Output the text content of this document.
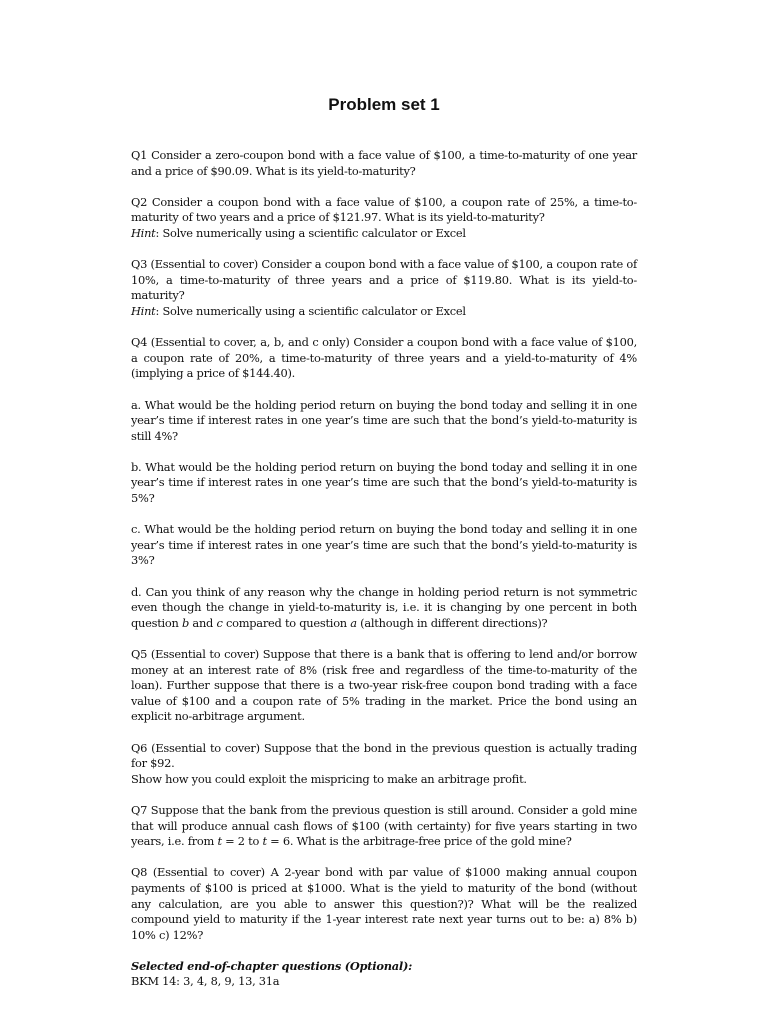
Problem set 1

Q1 Consider a zero-coupon bond with a face value of $100, a time-to-maturity of one year and a price of $90.09. What is its yield-to-maturity?

Q2 Consider a coupon bond with a face value of $100, a coupon rate of 25%, a time-to-maturity of two years and a price of $121.97. What is its yield-to-maturity?
Hint: Solve numerically using a scientific calculator or Excel

Q3 (Essential to cover) Consider a coupon bond with a face value of $100, a coupon rate of 10%, a time-to-maturity of three years and a price of $119.80. What is its yield-to-maturity?
Hint: Solve numerically using a scientific calculator or Excel

Q4 (Essential to cover, a, b, and c only) Consider a coupon bond with a face value of $100, a coupon rate of 20%, a time-to-maturity of three years and a yield-to-maturity of 4% (implying a price of $144.40).

a. What would be the holding period return on buying the bond today and selling it in one year’s time if interest rates in one year’s time are such that the bond’s yield-to-maturity is still 4%?

b. What would be the holding period return on buying the bond today and selling it in one year’s time if interest rates in one year’s time are such that the bond’s yield-to-maturity is 5%?

c. What would be the holding period return on buying the bond today and selling it in one year’s time if interest rates in one year’s time are such that the bond’s yield-to-maturity is 3%?

d. Can you think of any reason why the change in holding period return is not symmetric even though the change in yield-to-maturity is, i.e. it is changing by one percent in both question b and c compared to question a (although in different directions)?

Q5 (Essential to cover) Suppose that there is a bank that is offering to lend and/or borrow money at an interest rate of 8% (risk free and regardless of the time-to-maturity of the loan). Further suppose that there is a two-year risk-free coupon bond trading with a face value of $100 and a coupon rate of 5% trading in the market. Price the bond using an explicit no-arbitrage argument.

Q6 (Essential to cover) Suppose that the bond in the previous question is actually trading for $92.
Show how you could exploit the mispricing to make an arbitrage profit.

Q7 Suppose that the bank from the previous question is still around. Consider a gold mine that will produce annual cash flows of $100 (with certainty) for five years starting in two years, i.e. from t = 2 to t = 6. What is the arbitrage-free price of the gold mine?

Q8 (Essential to cover) A 2-year bond with par value of $1000 making annual coupon payments of $100 is priced at $1000. What is the yield to maturity of the bond (without any calculation, are you able to answer this question?)? What will be the realized compound yield to maturity if the 1-year interest rate next year turns out to be: a) 8% b) 10% c) 12%?

Selected end-of-chapter questions (Optional):
BKM 14: 3, 4, 8, 9, 13, 31a
